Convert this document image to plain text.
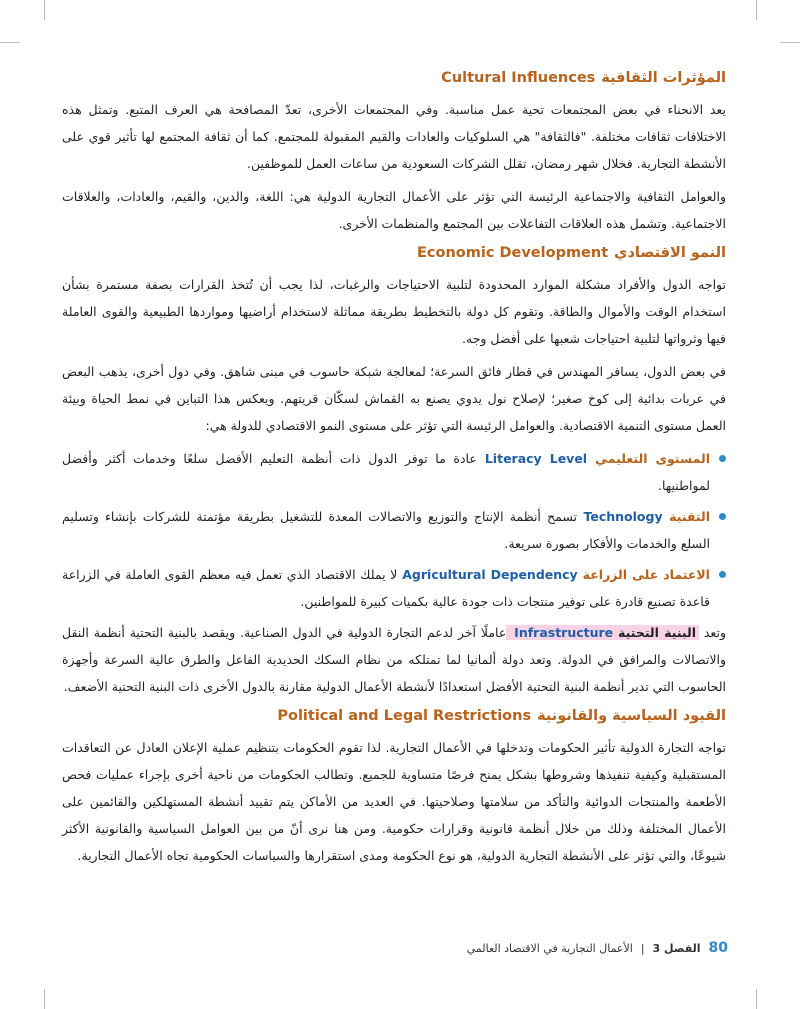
المؤثرات الثقافية
Cultural Influences

يعد الانحناء في بعض المجتمعات تحية عمل مناسبة. وفي المجتمعات الأخرى، تعدّ المصافحة هي العرف المتبع. وتمثل هذه الاختلافات ثقافات مختلفة. "فالثقافة" هي السلوكيات والعادات والقيم المقبولة للمجتمع. كما أن ثقافة المجتمع لها تأثير قوي على الأنشطة التجارية. فخلال شهر رمضان، تقلل الشركات السعودية من ساعات العمل للموظفين.

والعوامل الثقافية والاجتماعية الرئيسة التي تؤثر على الأعمال التجارية الدولية هي: اللغة، والدين، والقيم، والعادات، والعلاقات الاجتماعية. وتشمل هذه العلاقات التفاعلات بين المجتمع والمنظمات الأخرى.

النمو الاقتصادي
Economic Development

تواجه الدول والأفراد مشكلة الموارد المحدودة لتلبية الاحتياجات والرغبات، لذا يجب أن تُتخذ القرارات بصفة مستمرة بشأن استخدام الوقت والأموال والطاقة. وتقوم كل دولة بالتخطيط بطريقة مماثلة لاستخدام أراضيها ومواردها الطبيعية والقوى العاملة فيها وثرواتها لتلبية احتياجات شعبها على أفضل وجه.

في بعض الدول، يسافر المهندس في قطار فائق السرعة؛ لمعالجة شبكة حاسوب في مبنى شاهق. وفي دول أخرى، يذهب البعض في عربات بدائية إلى كوخ صغير؛ لإصلاح نول يدوي يصنع به القماش لسكّان قريتهم. ويعكس هذا التباين في نمط الحياة وبيئة العمل مستوى التنمية الاقتصادية. والعوامل الرئيسة التي تؤثر على مستوى النمو الاقتصادي للدولة هي:

المستوى التعليمي Literacy Level عادة ما توفر الدول ذات أنظمة التعليم الأفضل سلعًا وخدمات أكثر وأفضل لمواطنيها.
التقنية Technology تسمح أنظمة الإنتاج والتوزيع والاتصالات المعدة للتشغيل بطريقة مؤتمتة للشركات بإنشاء وتسليم السلع والخدمات والأفكار بصورة سريعة.
الاعتماد على الزراعة Agricultural Dependency لا يملك الاقتصاد الذي تعمل فيه معظم القوى العاملة في الزراعة قاعدة تصنيع قادرة على توفير منتجات ذات جودة عالية بكميات كبيرة للمواطنين.

وتعد البنية التحتية Infrastructure عاملًا آخر لدعم التجارة الدولية في الدول الصناعية. ويقصد بالبنية التحتية أنظمة النقل والاتصالات والمرافق في الدولة. وتعد دولة ألمانيا لما تمتلكه من نظام السكك الحديدية الفاعل والطرق عالية السرعة وأجهزة الحاسوب التي تدير أنظمة البنية التحتية الأفضل استعدادًا لأنشطة الأعمال الدولية مقارنة بالدول الأخرى ذات البنية التحتية الأضعف.

القيود السياسية والقانونية
Political and Legal Restrictions

تواجه التجارة الدولية تأثير الحكومات وتدخلها في الأعمال التجارية. لذا تقوم الحكومات بتنظيم عملية الإعلان العادل عن التعاقدات المستقبلية وكيفية تنفيذها وشروطها بشكل يمنح فرصًا متساوية للجميع. وتطالب الحكومات من ناحية أخرى بإجراء عمليات فحص الأطعمة والمنتجات الدوائية والتأكد من سلامتها وصلاحيتها. في العديد من الأماكن يتم تقييد أنشطة المستهلكين والقائمين على الأعمال المختلفة وذلك من خلال أنظمة قانونية وقرارات حكومية. ومن هنا نرى أنّ من بين العوامل السياسية والقانونية الأكثر شيوعًا، والتي تؤثر على الأنشطة التجارية الدولية، هو نوع الحكومة ومدى استقرارها والسياسات الحكومية تجاه الأعمال التجارية.

80
الفصل 3
|
الأعمال التجارية في الاقتصاد العالمي
